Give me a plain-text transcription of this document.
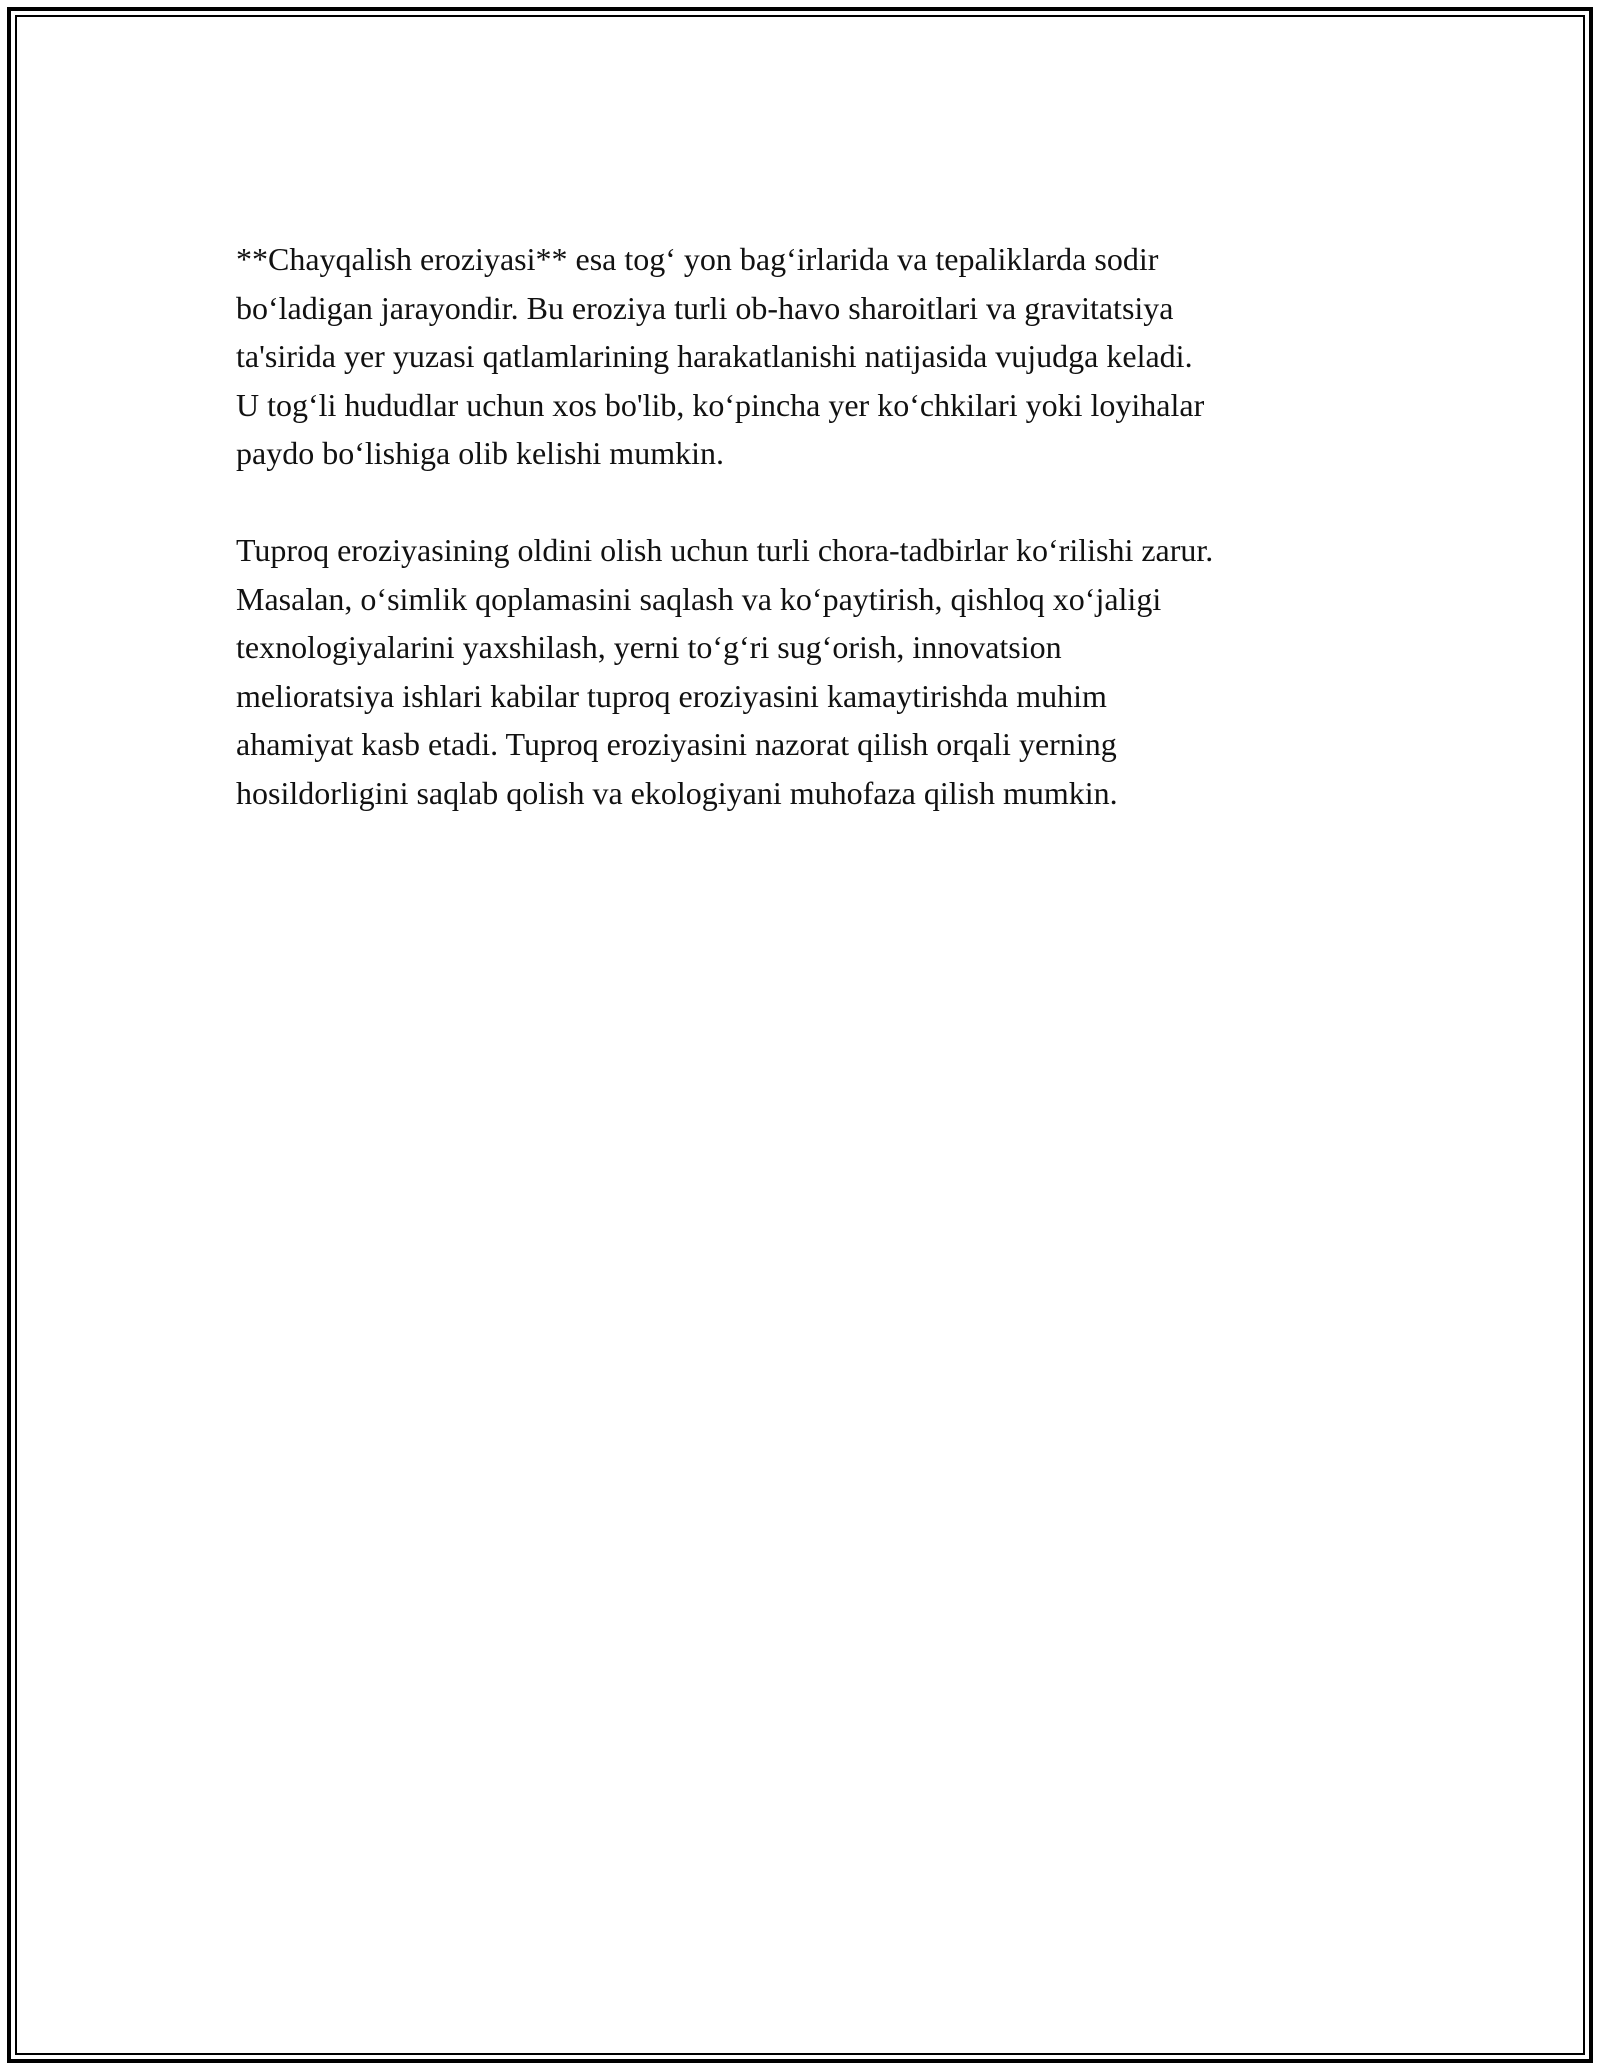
**Chayqalish eroziyasi** esa tog‘ yon bag‘irlarida va tepaliklarda sodir
bo‘ladigan jarayondir. Bu eroziya turli ob-havo sharoitlari va gravitatsiya
ta'sirida yer yuzasi qatlamlarining harakatlanishi natijasida vujudga keladi.
U tog‘li hududlar uchun xos bo'lib, ko‘pincha yer ko‘chkilari yoki loyihalar
paydo bo‘lishiga olib kelishi mumkin.

Tuproq eroziyasining oldini olish uchun turli chora-tadbirlar ko‘rilishi zarur.
Masalan, o‘simlik qoplamasini saqlash va ko‘paytirish, qishloq xo‘jaligi
texnologiyalarini yaxshilash, yerni to‘g‘ri sug‘orish, innovatsion
melioratsiya ishlari kabilar tuproq eroziyasini kamaytirishda muhim
ahamiyat kasb etadi. Tuproq eroziyasini nazorat qilish orqali yerning
hosildorligini saqlab qolish va ekologiyani muhofaza qilish mumkin.
